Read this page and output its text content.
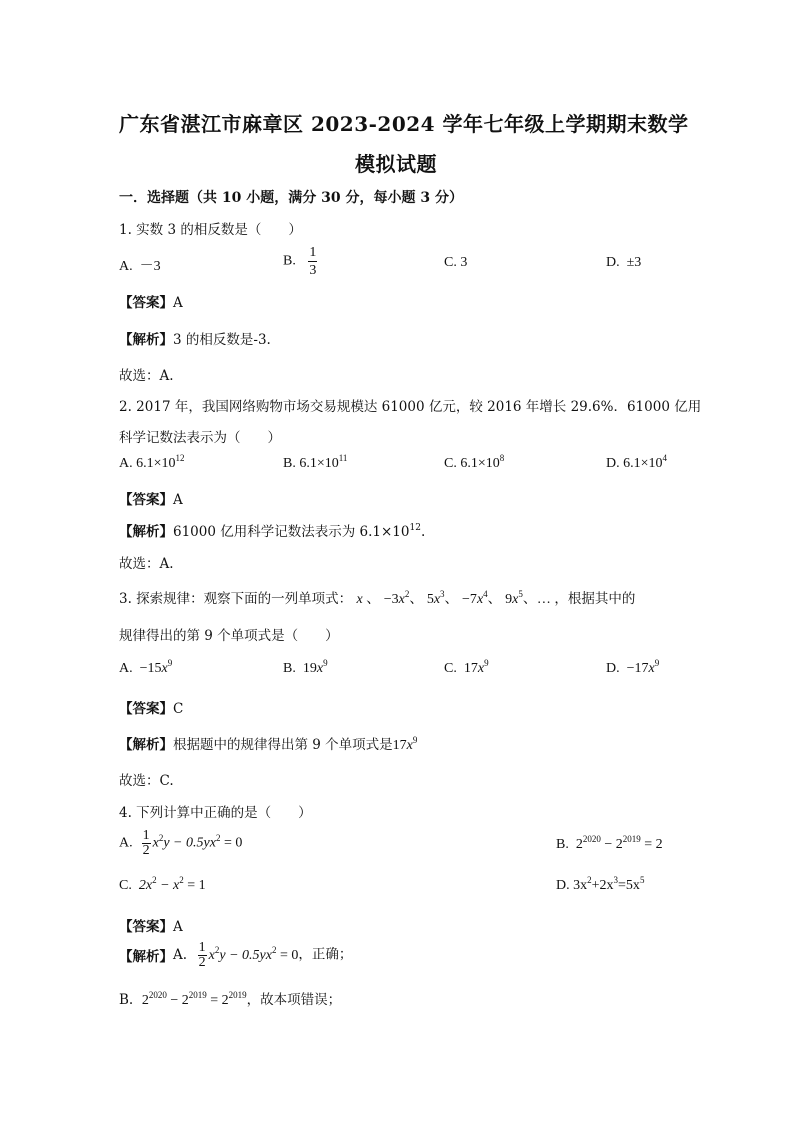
广东省湛江市麻章区 2023-2024 学年七年级上学期期末数学
模拟试题
一．选择题（共 10 小题，满分 30 分，每小题 3 分）
1. 实数 3 的相反数是（　　）
A. －3	B. $\frac{1}{3}$	C. 3	D. ±3
【答案】A
【解析】3 的相反数是-3.
故选：A.
2. 2017 年，我国网络购物市场交易规模达 61000 亿元，较 2016 年增长 29.6%．61000 亿用
科学记数法表示为（　　）
A. $6.1\times 10^{12}$	B. $6.1\times 10^{11}$	C. $6.1\times 10^8$	D. $6.1\times 10^4$
【答案】A
【解析】61000 亿用科学记数法表示为 $6.1\times 10^{12}$.
故选：A.
3. 探索规律：观察下面的一列单项式： x 、 $-3x^2$、 $5x^3$、 $-7x^4$、 $9x^5$、… ，根据其中的
规律得出的第 9 个单项式是（　　）
A. $-15x^9$	B. $19x^9$	C. $17x^9$	D. $-17x^9$
【答案】C
【解析】根据题中的规律得出第 9 个单项式是$17x^9$
故选：C.
4. 下列计算中正确的是（　　）
A. $\frac{1}{2} x^2y - 0.5yx^2 = 0$	B. $2^{2020} - 2^{2019} = 2$
C. $2x^2 - x^2 = 1$	D. $3x^2+2x^3=5x^5$
【答案】A
【解析】A. $\frac{1}{2} x^2y - 0.5yx^2 = 0$，正确；
B. $2^{2020} - 2^{2019} = 2^{2019}$，故本项错误；
